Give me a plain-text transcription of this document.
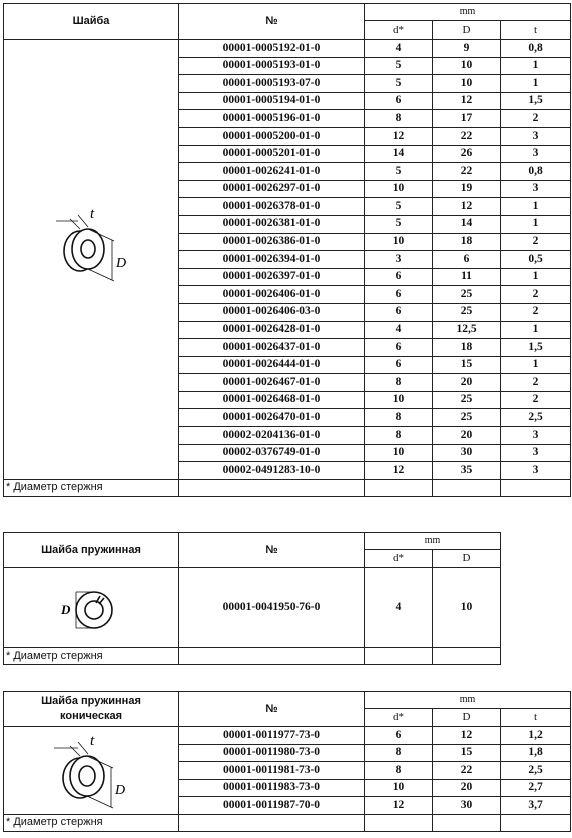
Шайба	№	mm		
		d*	D	t
	00001-0005192-01-0	4	9	0,8
	00001-0005193-01-0	5	10	1
	00001-0005193-07-0	5	10	1
	00001-0005194-01-0	6	12	1,5
	00001-0005196-01-0	8	17	2
	00001-0005200-01-0	12	22	3
	00001-0005201-01-0	14	26	3
	00001-0026241-01-0	5	22	0,8
	00001-0026297-01-0	10	19	3
	00001-0026378-01-0	5	12	1
	00001-0026381-01-0	5	14	1
	00001-0026386-01-0	10	18	2
	00001-0026394-01-0	3	6	0,5
	00001-0026397-01-0	6	11	1
	00001-0026406-01-0	6	25	2
	00001-0026406-03-0	6	25	2
	00001-0026428-01-0	4	12,5	1
	00001-0026437-01-0	6	18	1,5
	00001-0026444-01-0	6	15	1
	00001-0026467-01-0	8	20	2
	00001-0026468-01-0	10	25	2
	00001-0026470-01-0	8	25	2,5
	00002-0204136-01-0	8	20	3
	00002-0376749-01-0	10	30	3
	00002-0491283-10-0	12	35	3
* Диаметр стержня				
t
D
Шайба пружинная	№	mm		
		d*	D	

D	00001-0041950-76-0	4	10	
* Диаметр стержня				
Шайба пружинная
коническая	№	mm		
		d*	D	t
	00001-0011977-73-0	6	12	1,2
	00001-0011980-73-0	8	15	1,8
	00001-0011981-73-0	8	22	2,5
	00001-0011983-73-0	10	20	2,7
	00001-0011987-70-0	12	30	3,7
* Диаметр стержня				
t
D
